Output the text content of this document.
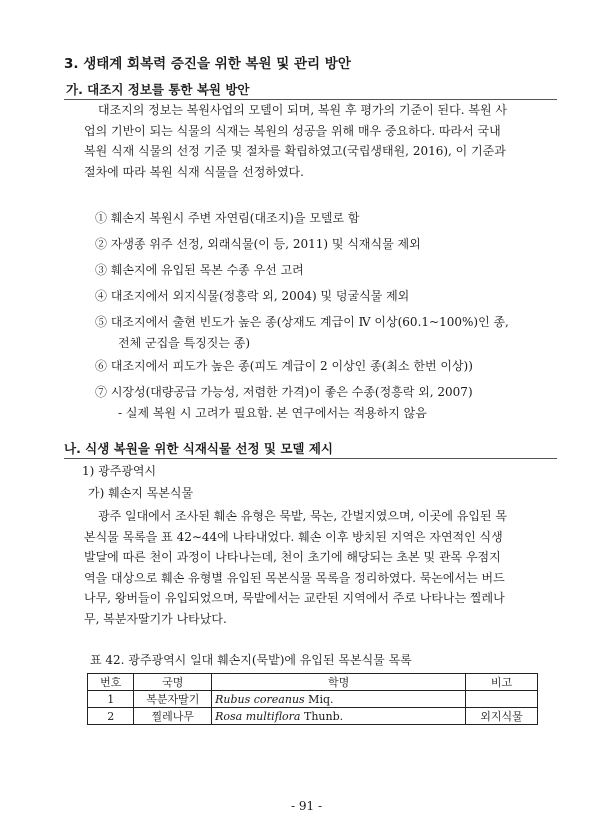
3. 생태계 회복력 증진을 위한 복원 및 관리 방안
가. 대조지 정보를 통한 복원 방안
대조지의 정보는 복원사업의 모델이 되며, 복원 후 평가의 기준이 된다. 복원 사
업의 기반이 되는 식물의 식재는 복원의 성공을 위해 매우 중요하다. 따라서 국내
복원 식재 식물의 선정 기준 및 절차를 확립하였고(국립생태원, 2016), 이 기준과
절차에 따라 복원 식재 식물을 선정하였다.
① 훼손지 복원시 주변 자연림(대조지)을 모델로 함
② 자생종 위주 선정, 외래식물(이 등, 2011) 및 식재식물 제외
③ 훼손지에 유입된 목본 수종 우선 고려
④ 대조지에서 외지식물(정흥락 외, 2004) 및 덩굴식물 제외
⑤ 대조지에서 출현 빈도가 높은 종(상재도 계급이 Ⅳ 이상(60.1~100%)인 종,
전체 군집을 특징짓는 종)
⑥ 대조지에서 피도가 높은 종(피도 계급이 2 이상인 종(최소 한번 이상))
⑦ 시장성(대량공급 가능성, 저렴한 가격)이 좋은 수종(정흥락 외, 2007)
- 실제 복원 시 고려가 필요함. 본 연구에서는 적용하지 않음
나. 식생 복원을 위한 식재식물 선정 및 모델 제시
1) 광주광역시
가) 훼손지 목본식물
광주 일대에서 조사된 훼손 유형은 묵밭, 묵논, 간벌지였으며, 이곳에 유입된 목
본식물 목록을 표 42∼44에 나타내었다. 훼손 이후 방치된 지역은 자연적인 식생
발달에 따른 천이 과정이 나타나는데, 천이 초기에 해당되는 초본 및 관목 우점지
역을 대상으로 훼손 유형별 유입된 목본식물 목록을 정리하였다. 묵논에서는 버드
나무, 왕버들이 유입되었으며, 묵밭에서는 교란된 지역에서 주로 나타나는 찔레나
무, 복분자딸기가 나타났다.
표 42. 광주광역시 일대 훼손지(묵밭)에 유입된 목본식물 목록
번호	국명	학명	비고
1	복분자딸기	Rubus coreanus Miq.	
2	찔레나무	Rosa multiflora Thunb.	외지식물
- 91 -
